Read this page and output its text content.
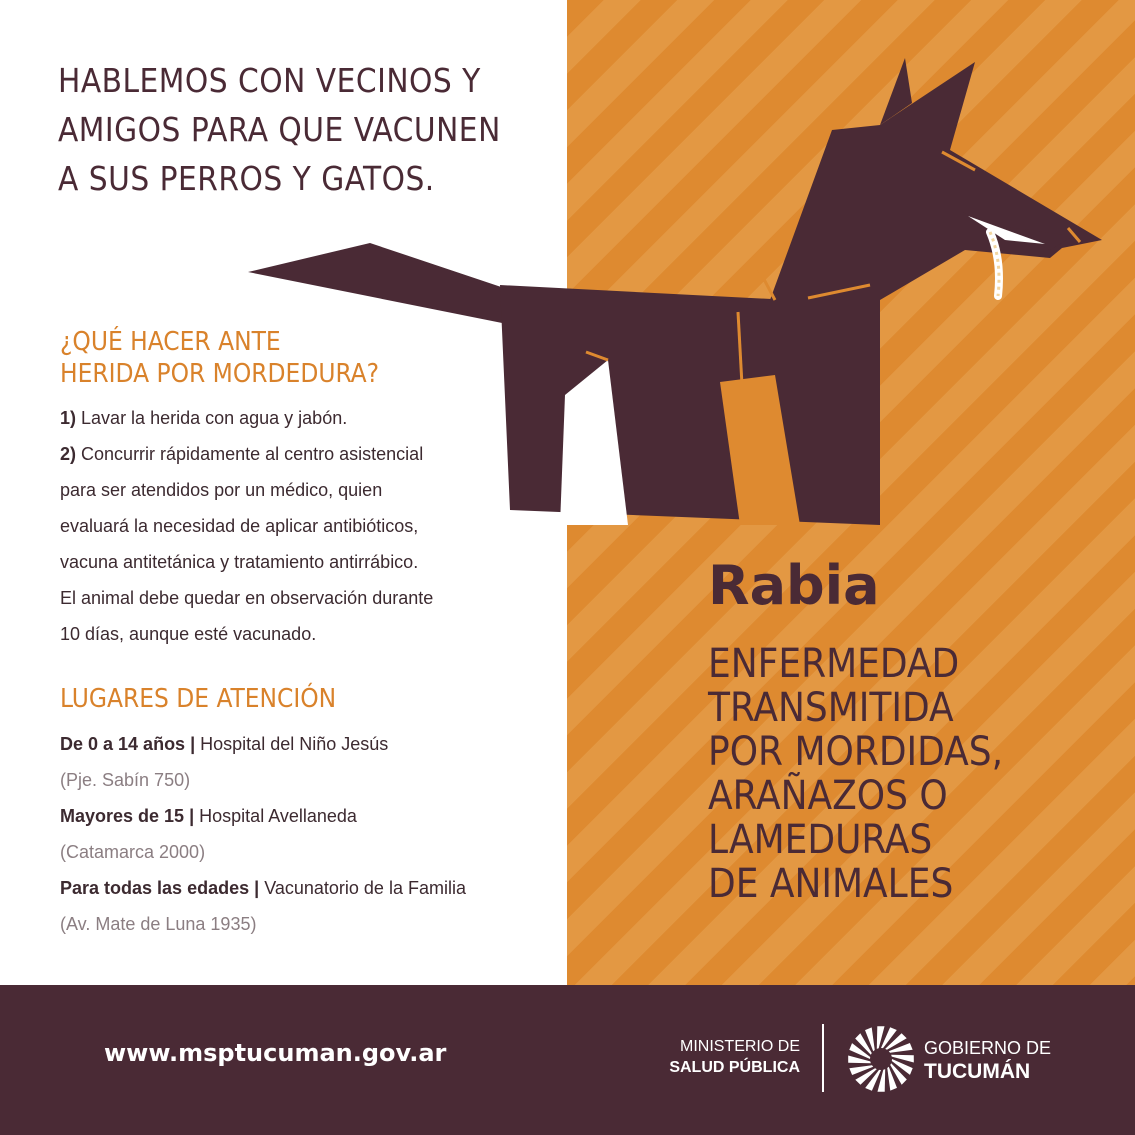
HABLEMOS CON VECINOS Y
AMIGOS PARA QUE VACUNEN
A SUS PERROS Y GATOS.
¿QUÉ HACER ANTE
HERIDA POR MORDEDURA?

1) Lavar la herida con agua y jabón.

2) Concurrir rápidamente al centro asistencial

para ser atendidos por un médico, quien

evaluará la necesidad de aplicar antibióticos,

vacuna antitetánica y tratamiento antirrábico.

El animal debe quedar en observación durante

10 días, aunque esté vacunado.

LUGARES DE ATENCIÓN

De 0 a 14 años | Hospital del Niño Jesús

(Pje. Sabín 750)

Mayores de 15 | Hospital Avellaneda

(Catamarca 2000)

Para todas las edades | Vacunatorio de la Familia

(Av. Mate de Luna 1935)

Rabia
ENFERMEDAD
TRANSMITIDA
POR MORDIDAS,
ARAÑAZOS O
LAMEDURAS
DE ANIMALES
www.msptucuman.gov.ar	MINISTERIO DE
SALUD PÚBLICA
GOBIERNO DE
TUCUMÁN
